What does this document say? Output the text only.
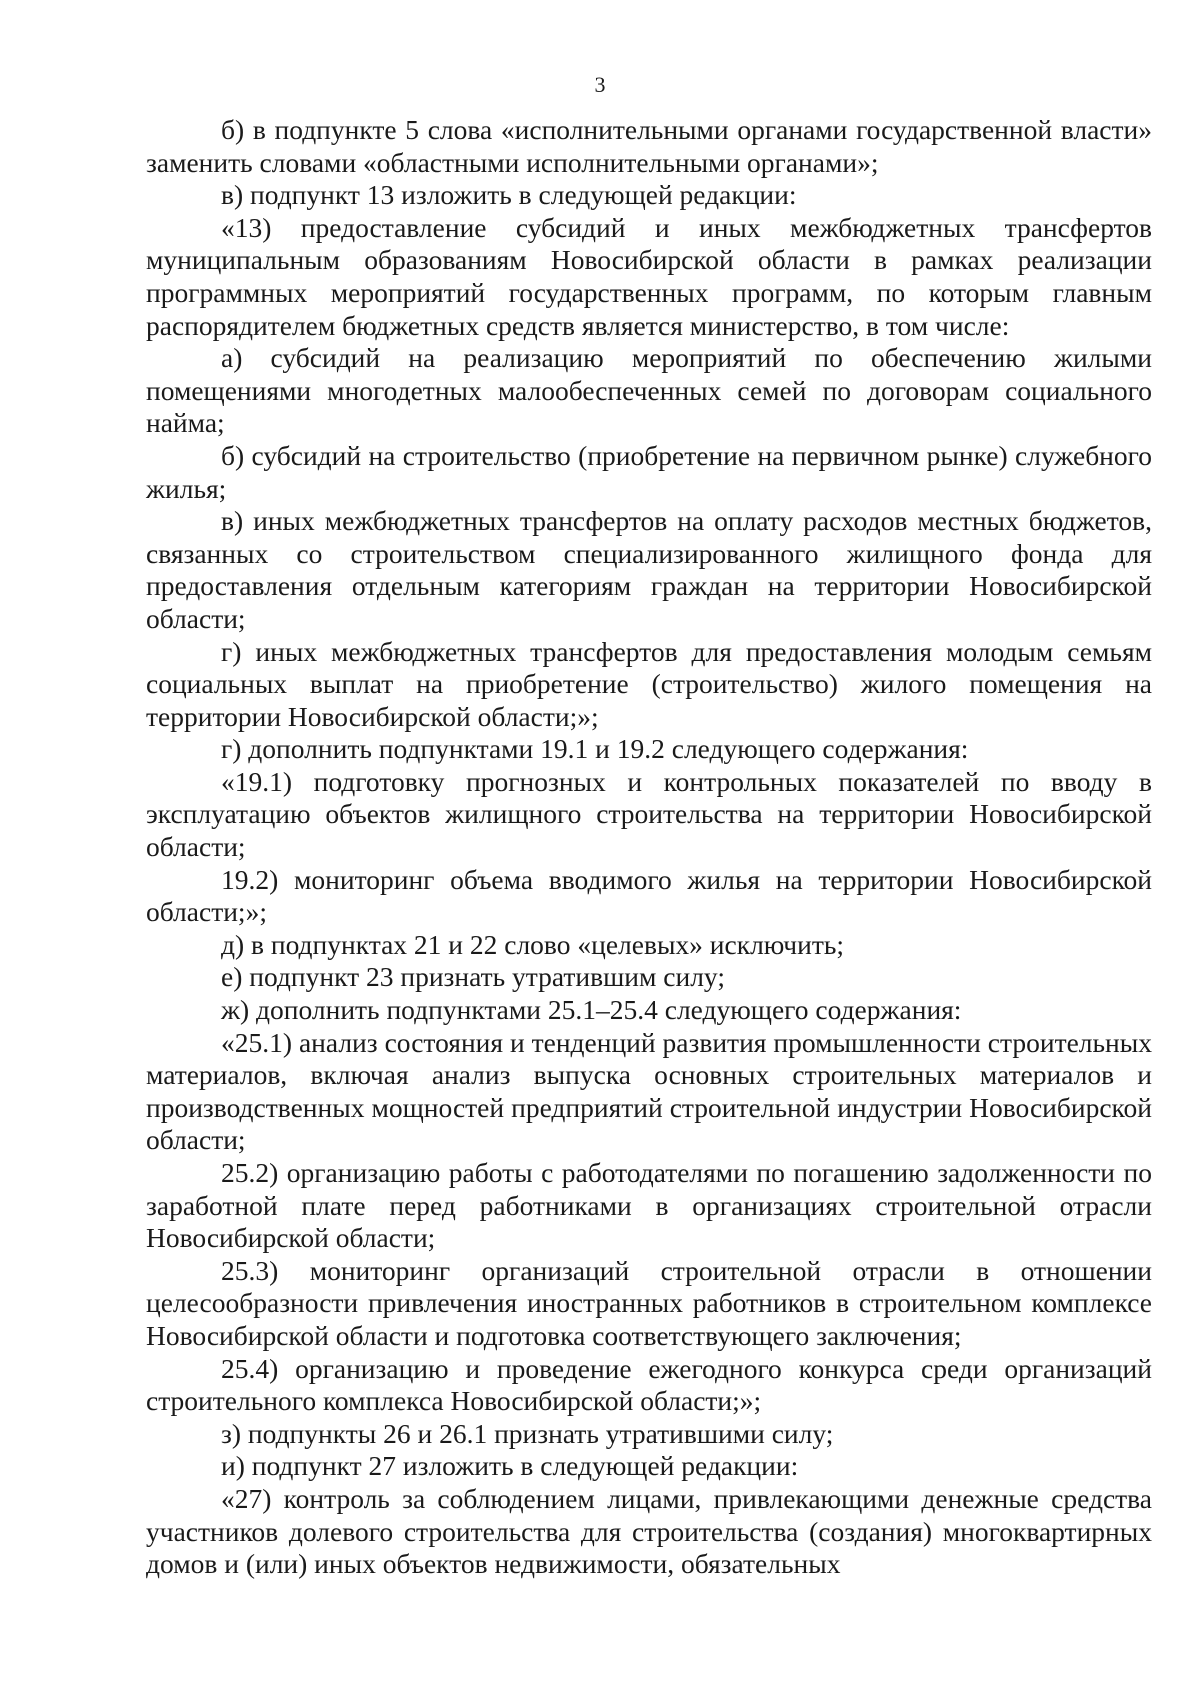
3

б) в подпункте 5 слова «исполнительными органами государственной власти» заменить словами «областными исполнительными органами»;

в) подпункт 13 изложить в следующей редакции:

«13) предоставление субсидий и иных межбюджетных трансфертов муниципальным образованиям Новосибирской области в рамках реализации программных мероприятий государственных программ, по которым главным распорядителем бюджетных средств является министерство, в том числе:

а) субсидий на реализацию мероприятий по обеспечению жилыми помещениями многодетных малообеспеченных семей по договорам социального найма;

б) субсидий на строительство (приобретение на первичном рынке) служебного жилья;

в) иных межбюджетных трансфертов на оплату расходов местных бюджетов, связанных со строительством специализированного жилищного фонда для предоставления отдельным категориям граждан на территории Новосибирской области;

г) иных межбюджетных трансфертов для предоставления молодым семьям социальных выплат на приобретение (строительство) жилого помещения на территории Новосибирской области;»;

г) дополнить подпунктами 19.1 и 19.2 следующего содержания:

«19.1) подготовку прогнозных и контрольных показателей по вводу в эксплуатацию объектов жилищного строительства на территории Новосибирской области;

19.2) мониторинг объема вводимого жилья на территории Новосибирской области;»;

д) в подпунктах 21 и 22 слово «целевых» исключить;

е) подпункт 23 признать утратившим силу;

ж) дополнить подпунктами 25.1–25.4 следующего содержания:

«25.1) анализ состояния и тенденций развития промышленности строительных материалов, включая анализ выпуска основных строительных материалов и производственных мощностей предприятий строительной индустрии Новосибирской области;

25.2) организацию работы с работодателями по погашению задолженности по заработной плате перед работниками в организациях строительной отрасли Новосибирской области;

25.3) мониторинг организаций строительной отрасли в отношении целесообразности привлечения иностранных работников в строительном комплексе Новосибирской области и подготовка соответствующего заключения;

25.4) организацию и проведение ежегодного конкурса среди организаций строительного комплекса Новосибирской области;»;

з) подпункты 26 и 26.1 признать утратившими силу;

и) подпункт 27 изложить в следующей редакции:

«27) контроль за соблюдением лицами, привлекающими денежные средства участников долевого строительства для строительства (создания) многоквартирных домов и (или) иных объектов недвижимости, обязательных
